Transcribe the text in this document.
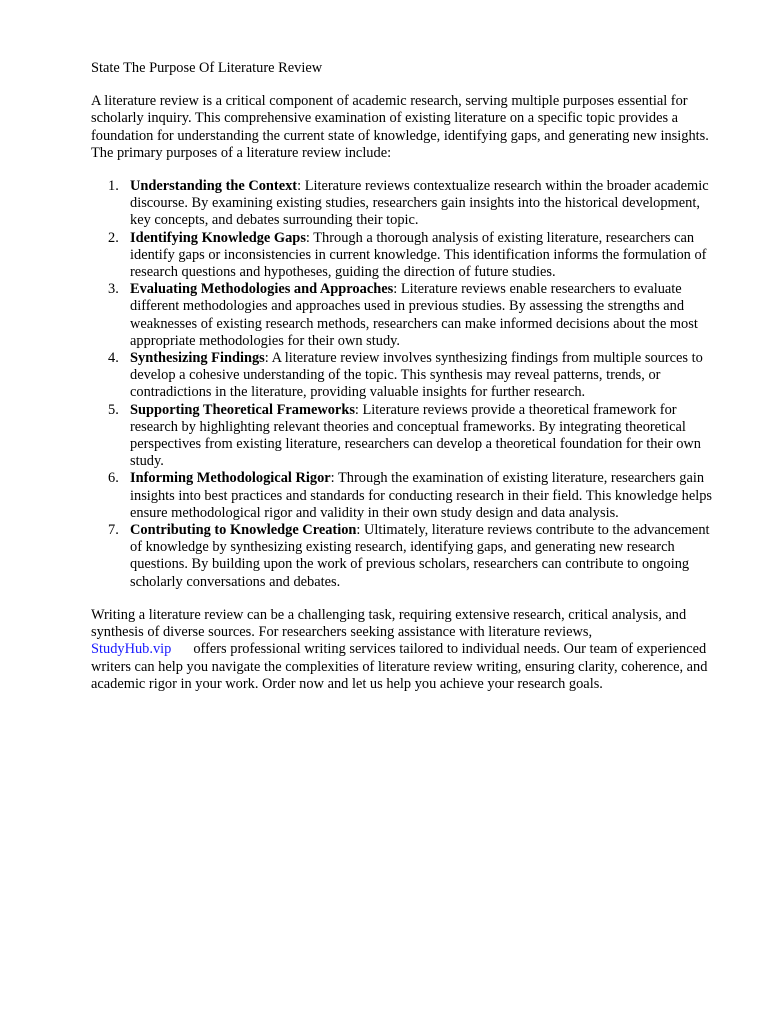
State The Purpose Of Literature Review

A literature review is a critical component of academic research, serving multiple purposes essential for scholarly inquiry. This comprehensive examination of existing literature on a specific topic provides a foundation for understanding the current state of knowledge, identifying gaps, and generating new insights. The primary purposes of a literature review include:

1. Understanding the Context: Literature reviews contextualize research within the broader academic discourse. By examining existing studies, researchers gain insights into the historical development, key concepts, and debates surrounding their topic.
2. Identifying Knowledge Gaps: Through a thorough analysis of existing literature, researchers can identify gaps or inconsistencies in current knowledge. This identification informs the formulation of research questions and hypotheses, guiding the direction of future studies.
3. Evaluating Methodologies and Approaches: Literature reviews enable researchers to evaluate different methodologies and approaches used in previous studies. By assessing the strengths and weaknesses of existing research methods, researchers can make informed decisions about the most appropriate methodologies for their own study.
4. Synthesizing Findings: A literature review involves synthesizing findings from multiple sources to develop a cohesive understanding of the topic. This synthesis may reveal patterns, trends, or contradictions in the literature, providing valuable insights for further research.
5. Supporting Theoretical Frameworks: Literature reviews provide a theoretical framework for research by highlighting relevant theories and conceptual frameworks. By integrating theoretical perspectives from existing literature, researchers can develop a theoretical foundation for their own study.
6. Informing Methodological Rigor: Through the examination of existing literature, researchers gain insights into best practices and standards for conducting research in their field. This knowledge helps ensure methodological rigor and validity in their own study design and data analysis.
7. Contributing to Knowledge Creation: Ultimately, literature reviews contribute to the advancement of knowledge by synthesizing existing research, identifying gaps, and generating new research questions. By building upon the work of previous scholars, researchers can contribute to ongoing scholarly conversations and debates.

Writing a literature review can be a challenging task, requiring extensive research, critical analysis, and synthesis of diverse sources. For researchers seeking assistance with literature reviews,
StudyHub.vip offers professional writing services tailored to individual needs. Our team of experienced writers can help you navigate the complexities of literature review writing, ensuring clarity, coherence, and academic rigor in your work. Order now and let us help you achieve your research goals.
